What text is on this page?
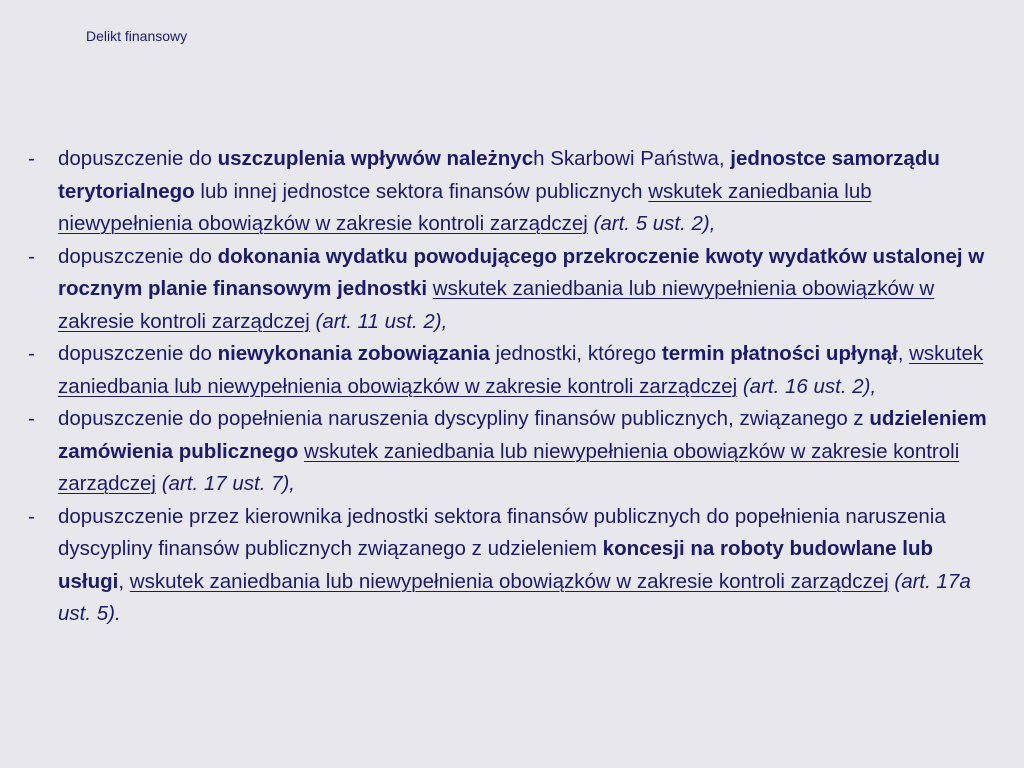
Delikt finansowy
-	dopuszczenie do uszczuplenia wpływów należnych Skarbowi Państwa, jednostce samorządu terytorialnego lub innej jednostce sektora finansów publicznych wskutek zaniedbania lub niewypełnienia obowiązków w zakresie kontroli zarządczej (art. 5 ust. 2),
-	dopuszczenie do dokonania wydatku powodującego przekroczenie kwoty wydatków ustalonej w rocznym planie finansowym jednostki wskutek zaniedbania lub niewypełnienia obowiązków w zakresie kontroli zarządczej (art. 11 ust. 2),
-	dopuszczenie do niewykonania zobowiązania jednostki, którego termin płatności upłynął, wskutek zaniedbania lub niewypełnienia obowiązków w zakresie kontroli zarządczej (art. 16 ust. 2),
-	dopuszczenie do popełnienia naruszenia dyscypliny finansów publicznych, związanego z udzieleniem zamówienia publicznego wskutek zaniedbania lub niewypełnienia obowiązków w zakresie kontroli zarządczej (art. 17 ust. 7),
-	dopuszczenie przez kierownika jednostki sektora finansów publicznych do popełnienia naruszenia dyscypliny finansów publicznych związanego z udzieleniem koncesji na roboty budowlane lub usługi, wskutek zaniedbania lub niewypełnienia obowiązków w zakresie kontroli zarządczej (art. 17a ust. 5).
